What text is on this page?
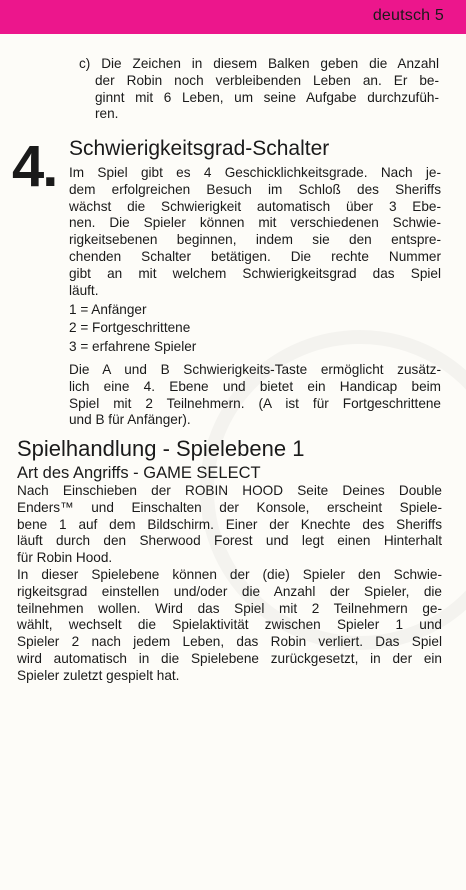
deutsch 5
c) Die Zeichen in diesem Balken geben die Anzahl
der Robin noch verbleibenden Leben an. Er be-
ginnt mit 6 Leben, um seine Aufgabe durchzufüh-
ren.
4. Schwierigkeitsgrad-Schalter
Im Spiel gibt es 4 Geschicklichkeitsgrade. Nach je-
dem erfolgreichen Besuch im Schloß des Sheriffs
wächst die Schwierigkeit automatisch über 3 Ebe-
nen. Die Spieler können mit verschiedenen Schwie-
rigkeitsebenen beginnen, indem sie den entspre-
chenden Schalter betätigen. Die rechte Nummer
gibt an mit welchem Schwierigkeitsgrad das Spiel
läuft.
1 = Anfänger
2 = Fortgeschrittene
3 = erfahrene Spieler
Die A und B Schwierigkeits-Taste ermöglicht zusätz-
lich eine 4. Ebene und bietet ein Handicap beim
Spiel mit 2 Teilnehmern. (A ist für Fortgeschrittene
und B für Anfänger).
Spielhandlung - Spielebene 1
Art des Angriffs - GAME SELECT
Nach Einschieben der ROBIN HOOD Seite Deines Double
Enders™ und Einschalten der Konsole, erscheint Spiele-
bene 1 auf dem Bildschirm. Einer der Knechte des Sheriffs
läuft durch den Sherwood Forest und legt einen Hinterhalt
für Robin Hood.
In dieser Spielebene können der (die) Spieler den Schwie-
rigkeitsgrad einstellen und/oder die Anzahl der Spieler, die
teilnehmen wollen. Wird das Spiel mit 2 Teilnehmern ge-
wählt, wechselt die Spielaktivität zwischen Spieler 1 und
Spieler 2 nach jedem Leben, das Robin verliert. Das Spiel
wird automatisch in die Spielebene zurückgesetzt, in der ein
Spieler zuletzt gespielt hat.
